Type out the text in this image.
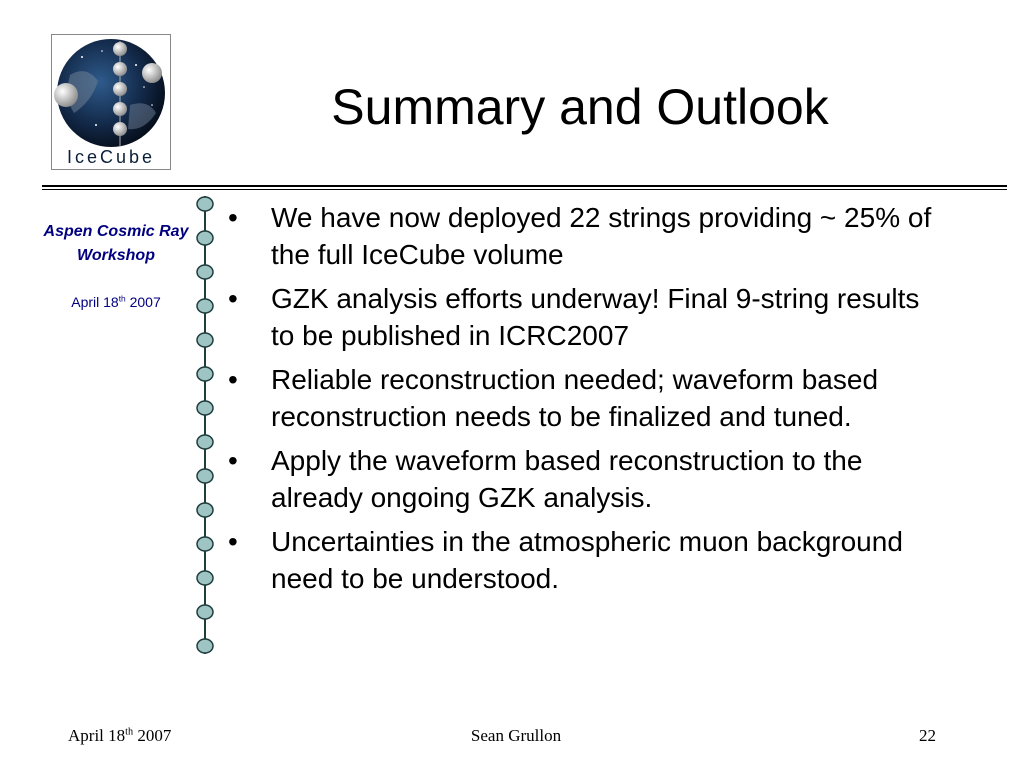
IceCube
Summary and Outlook
Aspen Cosmic Ray Workshop
April 18th 2007
• We have now deployed 22 strings providing ~ 25% of the full IceCube volume
• GZK analysis efforts underway! Final 9-string results to be published in ICRC2007
• Reliable reconstruction needed; waveform based reconstruction needs to be finalized and tuned.
• Apply the waveform based reconstruction to the already ongoing GZK analysis.
• Uncertainties in the atmospheric muon background need to be understood.
April 18th 2007	Sean Grullon	22
